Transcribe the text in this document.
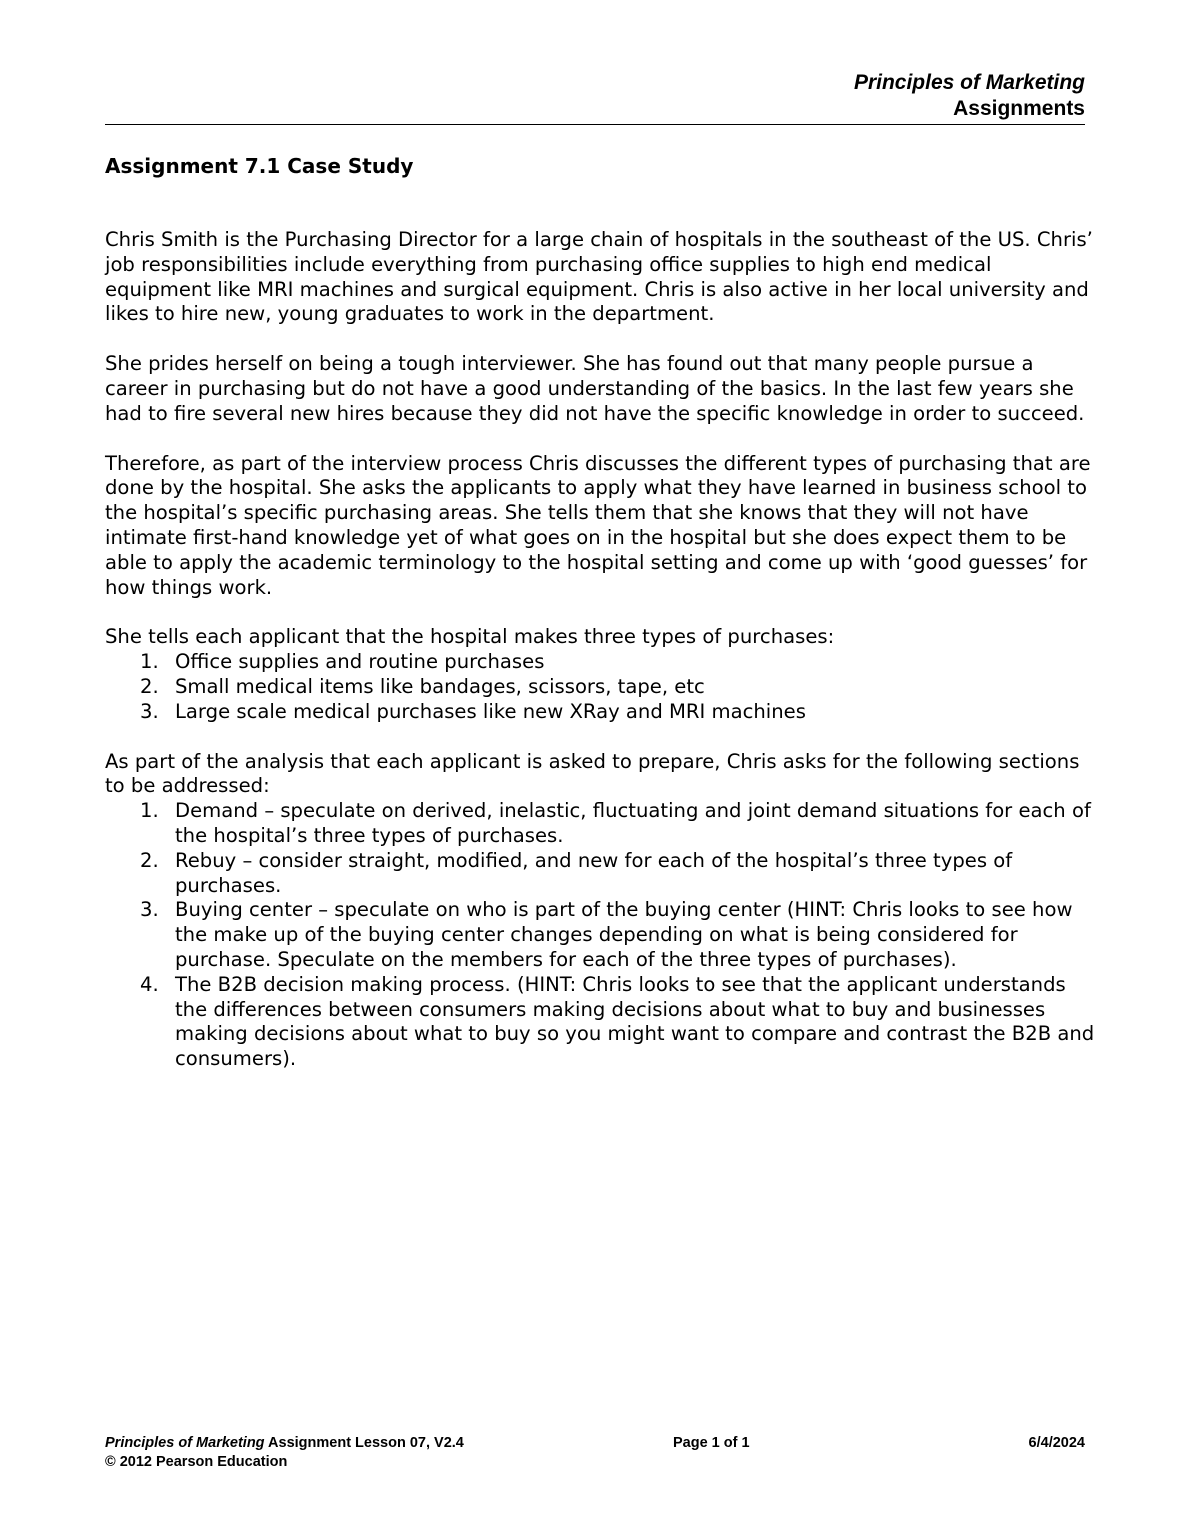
Principles of Marketing
Assignments
Assignment 7.1 Case Study

Chris Smith is the Purchasing Director for a large chain of hospitals in the southeast of the US. Chris’ job responsibilities include everything from purchasing office supplies to high end medical equipment like MRI machines and surgical equipment. Chris is also active in her local university and likes to hire new, young graduates to work in the department.

She prides herself on being a tough interviewer. She has found out that many people pursue a career in purchasing but do not have a good understanding of the basics. In the last few years she had to fire several new hires because they did not have the specific knowledge in order to succeed.

Therefore, as part of the interview process Chris discusses the different types of purchasing that are done by the hospital. She asks the applicants to apply what they have learned in business school to the hospital’s specific purchasing areas. She tells them that she knows that they will not have intimate first-hand knowledge yet of what goes on in the hospital but she does expect them to be able to apply the academic terminology to the hospital setting and come up with ‘good guesses’ for how things work.

She tells each applicant that the hospital makes three types of purchases:

1. Office supplies and routine purchases
2. Small medical items like bandages, scissors, tape, etc
3. Large scale medical purchases like new XRay and MRI machines

As part of the analysis that each applicant is asked to prepare, Chris asks for the following sections to be addressed:

1. Demand – speculate on derived, inelastic, fluctuating and joint demand situations for each of the hospital’s three types of purchases.
2. Rebuy – consider straight, modified, and new for each of the hospital’s three types of purchases.
3. Buying center – speculate on who is part of the buying center (HINT: Chris looks to see how the make up of the buying center changes depending on what is being considered for purchase. Speculate on the members for each of the three types of purchases).
4. The B2B decision making process. (HINT: Chris looks to see that the applicant understands the differences between consumers making decisions about what to buy and businesses making decisions about what to buy so you might want to compare and contrast the B2B and consumers).
Principles of Marketing Assignment Lesson 07, V2.4	Page 1 of 1	6/4/2024
© 2012 Pearson Education
